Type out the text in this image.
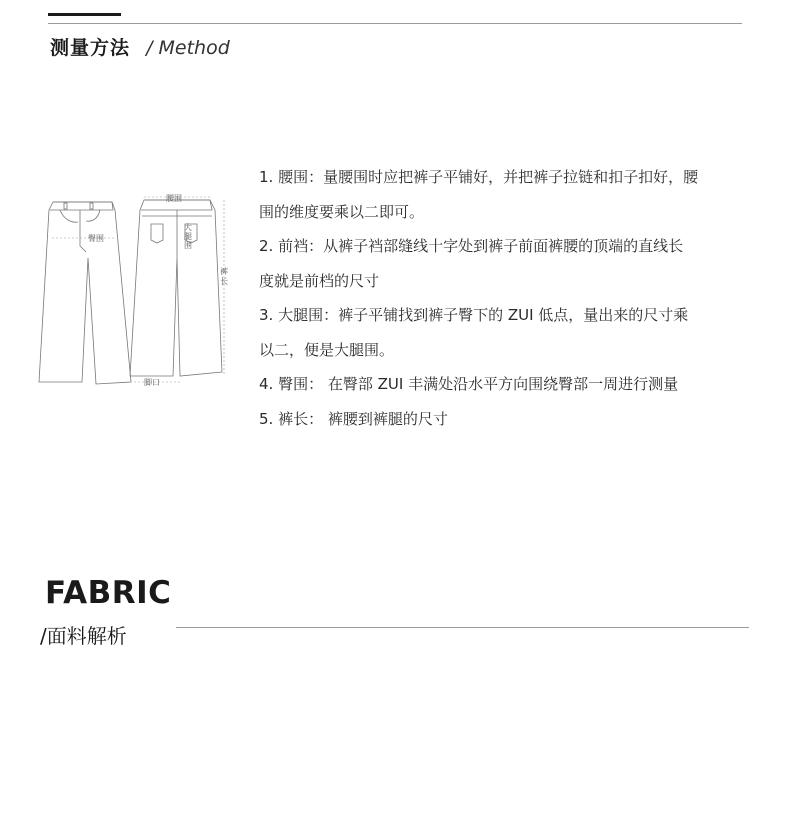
测量方法 / Method
腰围
臀围
大
腿
围
裤
长
脚口

1. 腰围：量腰围时应把裤子平铺好，并把裤子拉链和扣子扣好，腰

围的维度要乘以二即可。

2. 前裆：从裤子裆部缝线十字处到裤子前面裤腰的顶端的直线长

度就是前档的尺寸

3. 大腿围：裤子平铺找到裤子臀下的 ZUI 低点，量出来的尺寸乘

以二，便是大腿围。

4. 臀围： 在臀部 ZUI 丰满处沿水平方向围绕臀部一周进行测量

5. 裤长： 裤腰到裤腿的尺寸

FABRIC
/面料解析
